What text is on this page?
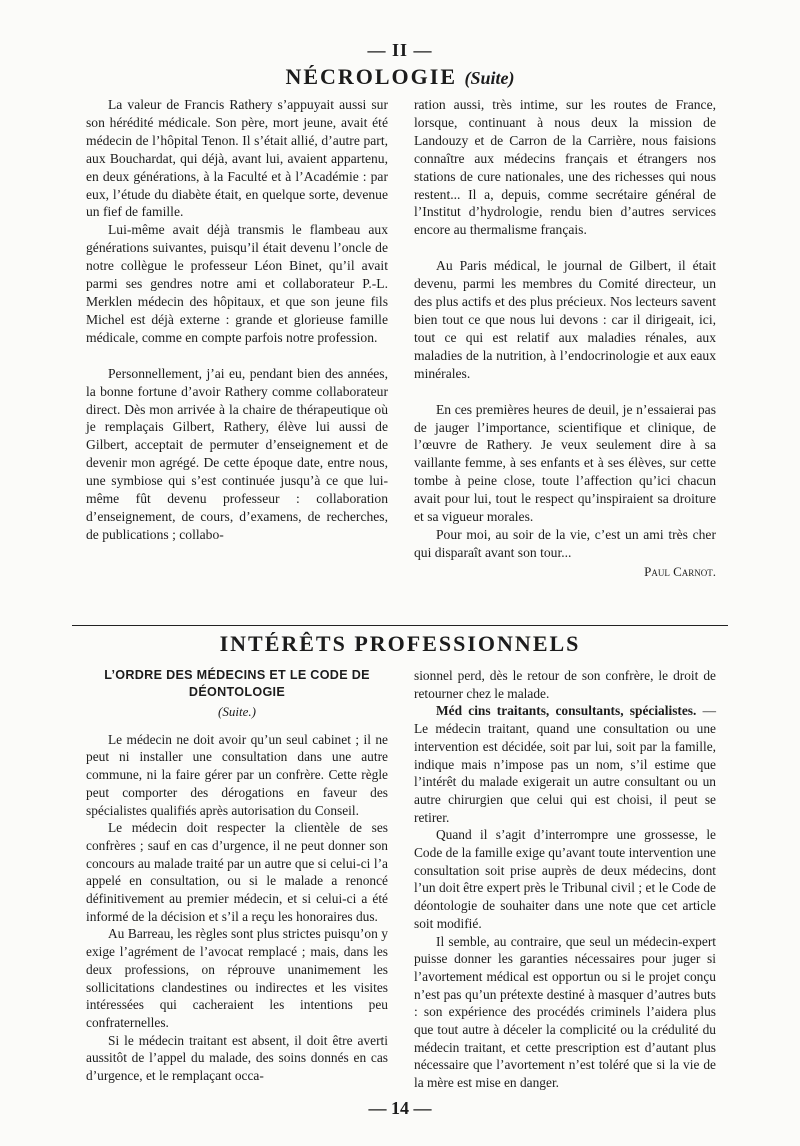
— II —
NÉCROLOGIE (Suite)

La valeur de Francis Rathery s’appuyait aussi sur son hérédité médicale. Son père, mort jeune, avait été médecin de l’hôpital Tenon. Il s’était allié, d’autre part, aux Bouchardat, qui déjà, avant lui, avaient appartenu, en deux générations, à la Faculté et à l’Académie : par eux, l’étude du diabète était, en quelque sorte, devenue un fief de famille.

Lui-même avait déjà transmis le flambeau aux générations suivantes, puisqu’il était devenu l’oncle de notre collègue le professeur Léon Binet, qu’il avait parmi ses gendres notre ami et collaborateur P.-L. Merklen médecin des hôpitaux, et que son jeune fils Michel est déjà externe : grande et glorieuse famille médicale, comme en compte parfois notre profession.

Personnellement, j’ai eu, pendant bien des années, la bonne fortune d’avoir Rathery comme collaborateur direct. Dès mon arrivée à la chaire de thérapeutique où je remplaçais Gilbert, Rathery, élève lui aussi de Gilbert, acceptait de permuter d’enseignement et de devenir mon agrégé. De cette époque date, entre nous, une symbiose qui s’est continuée jusqu’à ce que lui-même fût devenu professeur : collaboration d’enseignement, de cours, d’examens, de recherches, de publications ; collabo-

ration aussi, très intime, sur les routes de France, lorsque, continuant à nous deux la mission de Landouzy et de Carron de la Carrière, nous faisions connaître aux médecins français et étrangers nos stations de cure nationales, une des richesses qui nous restent... Il a, depuis, comme secrétaire général de l’Institut d’hydrologie, rendu bien d’autres services encore au thermalisme français.

Au Paris médical, le journal de Gilbert, il était devenu, parmi les membres du Comité directeur, un des plus actifs et des plus précieux. Nos lecteurs savent bien tout ce que nous lui devons : car il dirigeait, ici, tout ce qui est relatif aux maladies rénales, aux maladies de la nutrition, à l’endocrinologie et aux eaux minérales.

En ces premières heures de deuil, je n’essaierai pas de jauger l’importance, scientifique et clinique, de l’œuvre de Rathery. Je veux seulement dire à sa vaillante femme, à ses enfants et à ses élèves, sur cette tombe à peine close, toute l’affection qu’ici chacun avait pour lui, tout le respect qu’inspiraient sa droiture et sa vigueur morales.

Pour moi, au soir de la vie, c’est un ami très cher qui disparaît avant son tour...

Paul Carnot.
INTÉRÊTS PROFESSIONNELS
L’ORDRE DES MÉDECINS ET LE CODE DE DÉONTOLOGIE
(Suite.)

Le médecin ne doit avoir qu’un seul cabinet ; il ne peut ni installer une consultation dans une autre commune, ni la faire gérer par un confrère. Cette règle peut comporter des dérogations en faveur des spécialistes qualifiés après autorisation du Conseil.

Le médecin doit respecter la clientèle de ses confrères ; sauf en cas d’urgence, il ne peut donner son concours au malade traité par un autre que si celui-ci l’a appelé en consultation, ou si le malade a renoncé définitivement au premier médecin, et si celui-ci a été informé de la décision et s’il a reçu les honoraires dus.

Au Barreau, les règles sont plus strictes puisqu’on y exige l’agrément de l’avocat remplacé ; mais, dans les deux professions, on réprouve unanimement les sollicitations clandestines ou indirectes et les visites intéressées qui cacheraient les intentions peu confraternelles.

Si le médecin traitant est absent, il doit être averti aussitôt de l’appel du malade, des soins donnés en cas d’urgence, et le remplaçant occa-

sionnel perd, dès le retour de son confrère, le droit de retourner chez le malade.

Méd cins traitants, consultants, spécialistes. — Le médecin traitant, quand une consultation ou une intervention est décidée, soit par lui, soit par la famille, indique mais n’impose pas un nom, s’il estime que l’intérêt du malade exigerait un autre consultant ou un autre chirurgien que celui qui est choisi, il peut se retirer.

Quand il s’agit d’interrompre une grossesse, le Code de la famille exige qu’avant toute intervention une consultation soit prise auprès de deux médecins, dont l’un doit être expert près le Tribunal civil ; et le Code de déontologie de souhaiter dans une note que cet article soit modifié.

Il semble, au contraire, que seul un médecin-expert puisse donner les garanties nécessaires pour juger si l’avortement médical est opportun ou si le projet conçu n’est pas qu’un prétexte destiné à masquer d’autres buts : son expérience des procédés criminels l’aidera plus que tout autre à déceler la complicité ou la crédulité du médecin traitant, et cette prescription est d’autant plus nécessaire que l’avortement n’est toléré que si la vie de la mère est mise en danger.

— 14 —
